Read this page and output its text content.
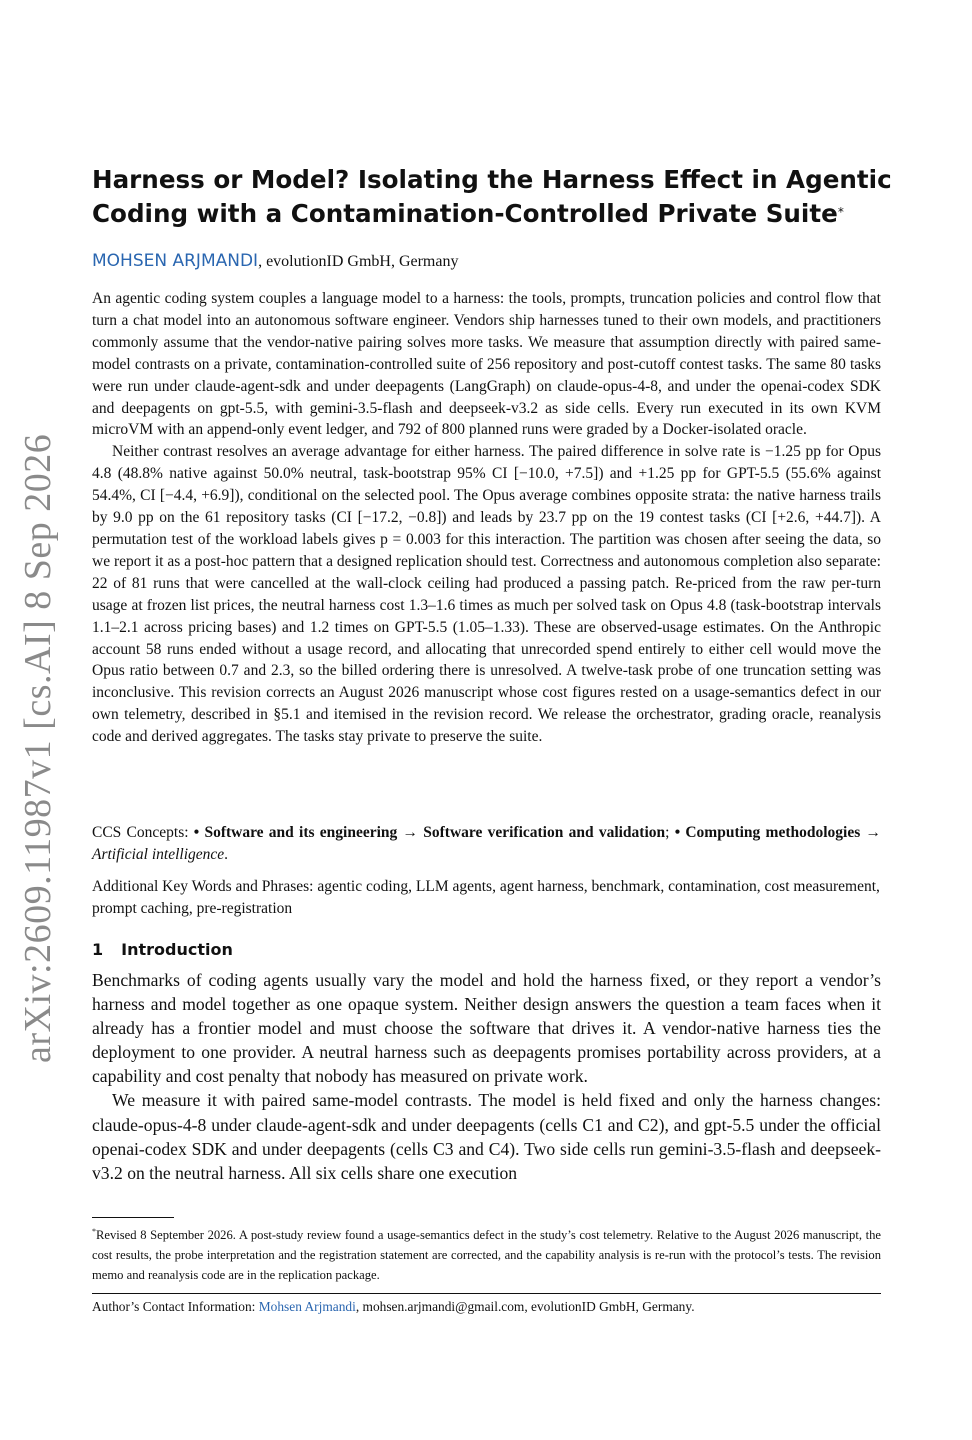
arXiv:2609.11987v1 [cs.AI] 8 Sep 2026
Harness or Model? Isolating the Harness Effect in Agentic Coding with a Contamination-Controlled Private Suite*
MOHSEN ARJMANDI, evolutionID GmbH, Germany

An agentic coding system couples a language model to a harness: the tools, prompts, truncation policies and control flow that turn a chat model into an autonomous software engineer. Vendors ship harnesses tuned to their own models, and practitioners commonly assume that the vendor-native pairing solves more tasks. We measure that assumption directly with paired same-model contrasts on a private, contamination-controlled suite of 256 repository and post-cutoff contest tasks. The same 80 tasks were run under claude-agent-sdk and under deepagents (LangGraph) on claude-opus-4-8, and under the openai-codex SDK and deepagents on gpt-5.5, with gemini-3.5-flash and deepseek-v3.2 as side cells. Every run executed in its own KVM microVM with an append-only event ledger, and 792 of 800 planned runs were graded by a Docker-isolated oracle.

Neither contrast resolves an average advantage for either harness. The paired difference in solve rate is −1.25 pp for Opus 4.8 (48.8% native against 50.0% neutral, task-bootstrap 95% CI [−10.0, +7.5]) and +1.25 pp for GPT-5.5 (55.6% against 54.4%, CI [−4.4, +6.9]), conditional on the selected pool. The Opus average combines opposite strata: the native harness trails by 9.0 pp on the 61 repository tasks (CI [−17.2, −0.8]) and leads by 23.7 pp on the 19 contest tasks (CI [+2.6, +44.7]). A permutation test of the workload labels gives p = 0.003 for this interaction. The partition was chosen after seeing the data, so we report it as a post-hoc pattern that a designed replication should test. Correctness and autonomous completion also separate: 22 of 81 runs that were cancelled at the wall-clock ceiling had produced a passing patch. Re-priced from the raw per-turn usage at frozen list prices, the neutral harness cost 1.3–1.6 times as much per solved task on Opus 4.8 (task-bootstrap intervals 1.1–2.1 across pricing bases) and 1.2 times on GPT-5.5 (1.05–1.33). These are observed-usage estimates. On the Anthropic account 58 runs ended without a usage record, and allocating that unrecorded spend entirely to either cell would move the Opus ratio between 0.7 and 2.3, so the billed ordering there is unresolved. A twelve-task probe of one truncation setting was inconclusive. This revision corrects an August 2026 manuscript whose cost figures rested on a usage-semantics defect in our own telemetry, described in §5.1 and itemised in the revision record. We release the orchestrator, grading oracle, reanalysis code and derived aggregates. The tasks stay private to preserve the suite.

CCS Concepts: • Software and its engineering → Software verification and validation; • Computing methodologies → Artificial intelligence.
Additional Key Words and Phrases: agentic coding, LLM agents, agent harness, benchmark, contamination, cost measurement, prompt caching, pre-registration
1 Introduction

Benchmarks of coding agents usually vary the model and hold the harness fixed, or they report a vendor’s harness and model together as one opaque system. Neither design answers the question a team faces when it already has a frontier model and must choose the software that drives it. A vendor-native harness ties the deployment to one provider. A neutral harness such as deepagents promises portability across providers, at a capability and cost penalty that nobody has measured on private work.

We measure it with paired same-model contrasts. The model is held fixed and only the harness changes: claude-opus-4-8 under claude-agent-sdk and under deepagents (cells C1 and C2), and gpt-5.5 under the official openai-codex SDK and under deepagents (cells C3 and C4). Two side cells run gemini-3.5-flash and deepseek-v3.2 on the neutral harness. All six cells share one execution

*Revised 8 September 2026. A post-study review found a usage-semantics defect in the study’s cost telemetry. Relative to the August 2026 manuscript, the cost results, the probe interpretation and the registration statement are corrected, and the capability analysis is re-run with the protocol’s tests. The revision memo and reanalysis code are in the replication package.
Author’s Contact Information: Mohsen Arjmandi, mohsen.arjmandi@gmail.com, evolutionID GmbH, Germany.
